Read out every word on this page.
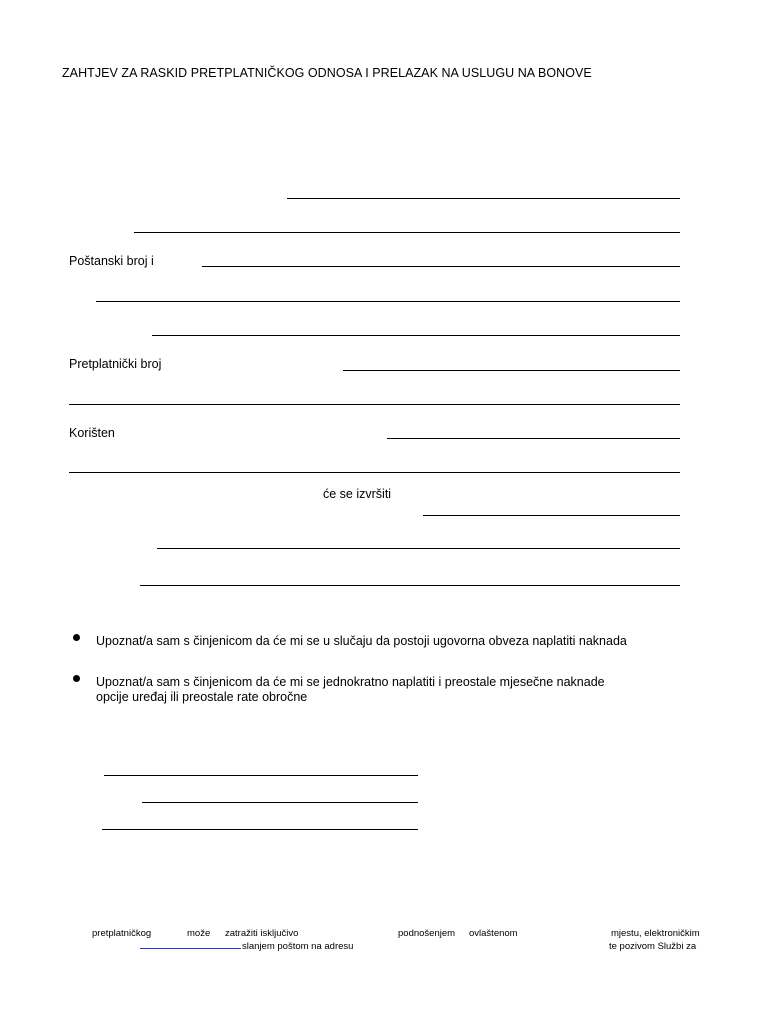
ZAHTJEV ZA RASKID PRETPLATNIČKOG ODNOSA I PRELAZAK NA USLUGU NA BONOVE
Poštanski broj i
Pretplatnički broj
Korišten
će se izvršiti
Upoznat/a sam s činjenicom da će mi se u slučaju da postoji ugovorna obveza naplatiti naknada
Upoznat/a sam s činjenicom da će mi se jednokratno naplatiti i preostale mjesečne naknade
opcije uređaj ili preostale rate obročne
pretplatničkog	može zatražiti isključivo	podnošenjem ovlaštenom	mjestu, elektroničkim
slanjem poštom na adresu	te pozivom Službi za
